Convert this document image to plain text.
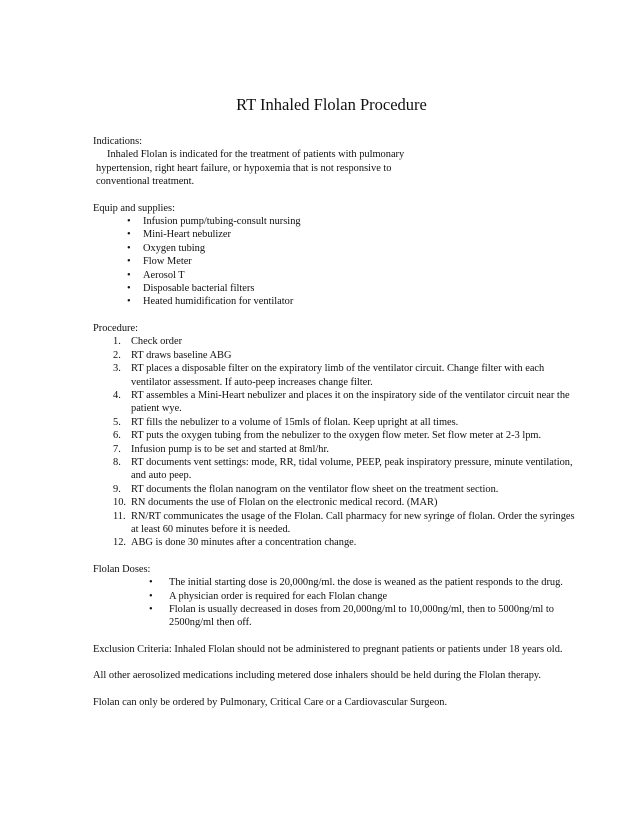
RT Inhaled Flolan Procedure
Indications:
Inhaled Flolan is indicated for the treatment of patients with pulmonary
hypertension, right heart failure, or hypoxemia that is not responsive to
conventional treatment.
Equip and supplies:
• Infusion pump/tubing-consult nursing
• Mini-Heart nebulizer
• Oxygen tubing
• Flow Meter
• Aerosol T
• Disposable bacterial filters
• Heated humidification for ventilator
Procedure:
1. Check order
2. RT draws baseline ABG
3. RT places a disposable filter on the expiratory limb of the ventilator circuit. Change filter with each ventilator assessment. If auto-peep increases change filter.
4. RT assembles a Mini-Heart nebulizer and places it on the inspiratory side of the ventilator circuit near the patient wye.
5. RT fills the nebulizer to a volume of 15mls of flolan. Keep upright at all times.
6. RT puts the oxygen tubing from the nebulizer to the oxygen flow meter. Set flow meter at 2-3 lpm.
7. Infusion pump is to be set and started at 8ml/hr.
8. RT documents vent settings: mode, RR, tidal volume, PEEP, peak inspiratory pressure, minute ventilation, and auto peep.
9. RT documents the flolan nanogram on the ventilator flow sheet on the treatment section.
10. RN documents the use of Flolan on the electronic medical record. (MAR)
11. RN/RT communicates the usage of the Flolan. Call pharmacy for new syringe of flolan. Order the syringes at least 60 minutes before it is needed.
12. ABG is done 30 minutes after a concentration change.
Flolan Doses:
• The initial starting dose is 20,000ng/ml. the dose is weaned as the patient responds to the drug.
• A physician order is required for each Flolan change
• Flolan is usually decreased in doses from 20,000ng/ml to 10,000ng/ml, then to 5000ng/ml to 2500ng/ml then off.

Exclusion Criteria: Inhaled Flolan should not be administered to pregnant patients or patients under 18 years old.

All other aerosolized medications including metered dose inhalers should be held during the Flolan therapy.

Flolan can only be ordered by Pulmonary, Critical Care or a Cardiovascular Surgeon.
